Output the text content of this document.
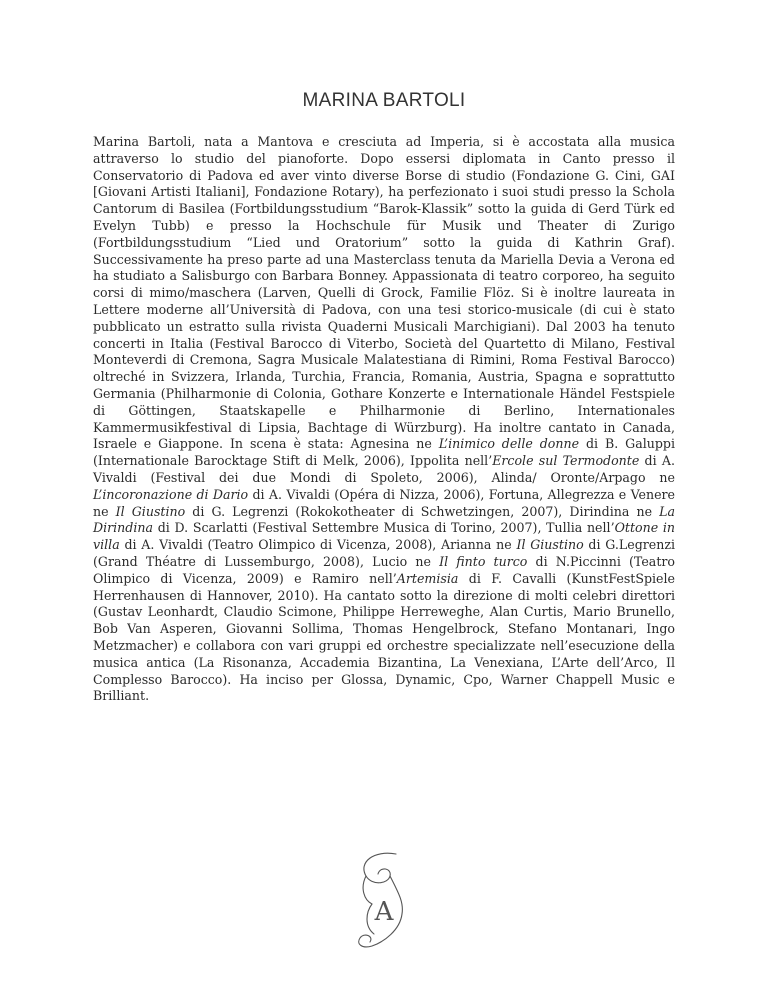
MARINA BARTOLI

Marina Bartoli, nata a Mantova e cresciuta ad Imperia, si è accostata alla musica attraverso lo studio del pianoforte. Dopo essersi diplomata in Canto presso il Conservatorio di Padova ed aver vinto diverse Borse di studio (Fondazione G. Cini, GAI [Giovani Artisti Italiani], Fondazione Rotary), ha perfezionato i suoi studi presso la Schola Cantorum di Basilea (Fortbildungsstudium “Barok-Klassik” sotto la guida di Gerd Türk ed Evelyn Tubb) e presso la Hochschule für Musik und Theater di Zurigo (Fortbildungsstudium “Lied und Oratorium” sotto la guida di Kathrin Graf). Successivamente ha preso parte ad una Masterclass tenuta da Mariella Devia a Verona ed ha studiato a Salisburgo con Barbara Bonney. Appassionata di teatro corporeo, ha seguito corsi di mimo/maschera (Larven, Quelli di Grock, Familie Flöz. Si è inoltre laureata in Lettere moderne all’Università di Padova, con una tesi storico-musicale (di cui è stato pubblicato un estratto sulla rivista Quaderni Musicali Marchigiani). Dal 2003 ha tenuto concerti in Italia (Festival Barocco di Viterbo, Società del Quartetto di Milano, Festival Monteverdi di Cremona, Sagra Musicale Malatestiana di Rimini, Roma Festival Barocco) oltreché in Svizzera, Irlanda, Turchia, Francia, Romania, Austria, Spagna e soprattutto Germania (Philharmonie di Colonia, Gothare Konzerte e Internationale Händel Festspiele di Göttingen, Staatskapelle e Philharmonie di Berlino, Internationales Kammermusikfestival di Lipsia, Bachtage di Würzburg). Ha inoltre cantato in Canada, Israele e Giappone. In scena è stata: Agnesina ne L’inimico delle donne di B. Galuppi (Internationale Barocktage Stift di Melk, 2006), Ippolita nell’Ercole sul Termodonte di A. Vivaldi (Festival dei due Mondi di Spoleto, 2006), Alinda/ Oronte/Arpago ne L’incoronazione di Dario di A. Vivaldi (Opéra di Nizza, 2006), Fortuna, Allegrezza e Venere ne Il Giustino di G. Legrenzi (Rokokotheater di Schwetzingen, 2007), Dirindina ne La Dirindina di D. Scarlatti (Festival Settembre Musica di Torino, 2007), Tullia nell’Ottone in villa di A. Vivaldi (Teatro Olimpico di Vicenza, 2008), Arianna ne Il Giustino di G.Legrenzi (Grand Théatre di Lussemburgo, 2008), Lucio ne Il finto turco di N.Piccinni (Teatro Olimpico di Vicenza, 2009) e Ramiro nell’Artemisia di F. Cavalli (KunstFestSpiele Herrenhausen di Hannover, 2010). Ha cantato sotto la direzione di molti celebri direttori (Gustav Leonhardt, Claudio Scimone, Philippe Herreweghe, Alan Curtis, Mario Brunello, Bob Van Asperen, Giovanni Sollima, Thomas Hengelbrock, Stefano Montanari, Ingo Metzmacher) e collabora con vari gruppi ed orchestre specializzate nell’esecuzione della musica antica (La Risonanza, Accademia Bizantina, La Venexiana, L’Arte dell’Arco, Il Complesso Barocco). Ha inciso per Glossa, Dynamic, Cpo, Warner Chappell Music e Brilliant.

A
